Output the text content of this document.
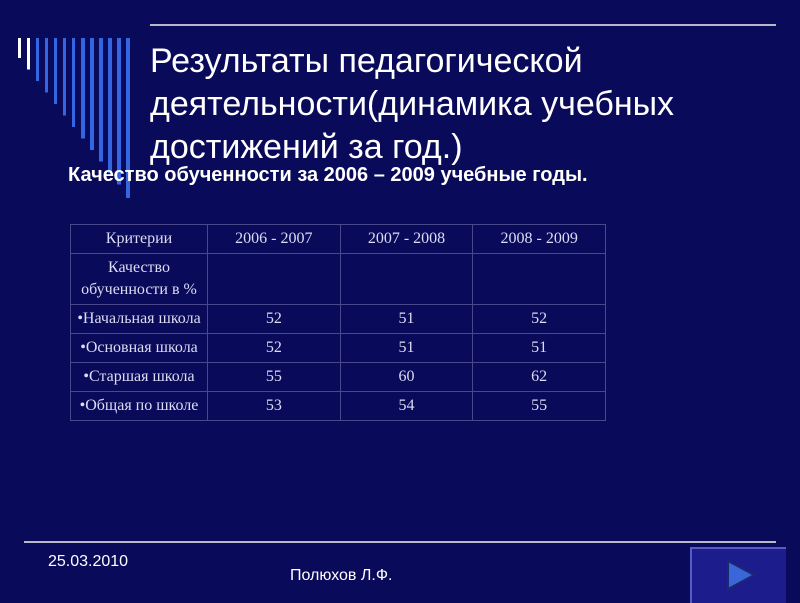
Результаты педагогической деятельности(динамика учебных достижений за год.)

Качество обученности за 2006 – 2009 учебные годы.

Критерии	2006 - 2007	2007 - 2008	2008 - 2009
Качество обученности в %			
•Начальная школа	52	51	52
•Основная школа	52	51	51
•Старшая школа	55	60	62
•Общая по школе	53	54	55
25.03.2010
Полюхов Л.Ф.
